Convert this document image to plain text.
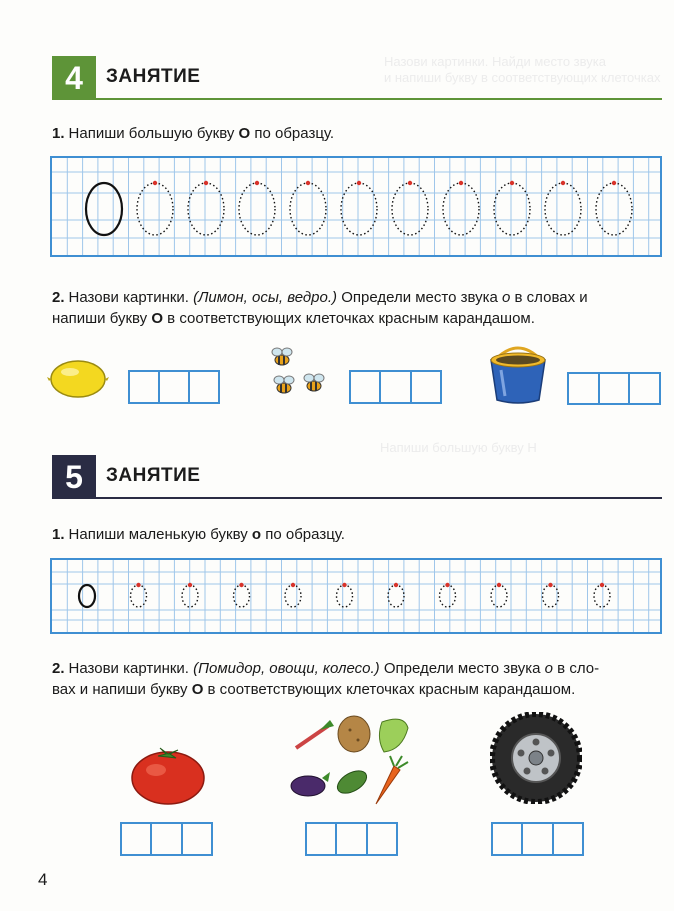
Назови картинки. Найди место звука
и напиши букву в соответствующих клеточках
Напиши большую букву Н
4	ЗАНЯТИЕ
1. Напиши большую букву О по образцу.
2. Назови картинки. (Лимон, осы, ведро.) Определи место звука о в словах и
напиши букву О в соответствующих клеточках красным карандашом.
5	ЗАНЯТИЕ
1. Напиши маленькую букву о по образцу.
2. Назови картинки. (Помидор, овощи, колесо.) Определи место звука о в сло-
вах и напиши букву О в соответствующих клеточках красным карандашом.
4
